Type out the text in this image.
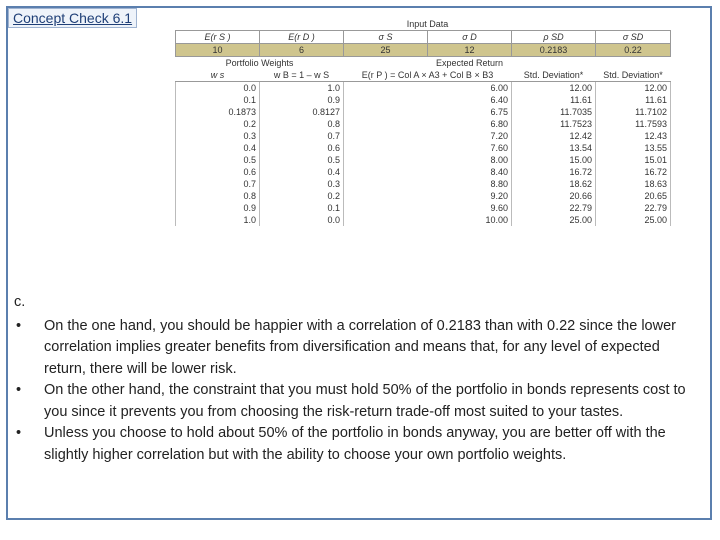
Concept Check 6.1
		Input Data				
E(r S )	E(r D )	σ S	σ D	ρ SD	σ SD
10	6	25	12	0.2183	0.22
Portfolio Weights		Expected Return			
w s	w B = 1 – w S	E(r P ) = Col A × A3 + Col B × B3		Std. Deviation*	Std. Deviation*
0.0	1.0	6.00		12.00	12.00
0.1	0.9	6.40		11.61	11.61
0.1873	0.8127	6.75		11.7035	11.7102
0.2	0.8	6.80		11.7523	11.7593
0.3	0.7	7.20		12.42	12.43
0.4	0.6	7.60		13.54	13.55
0.5	0.5	8.00		15.00	15.01
0.6	0.4	8.40		16.72	16.72
0.7	0.3	8.80		18.62	18.63
0.8	0.2	9.20		20.66	20.65
0.9	0.1	9.60		22.79	22.79
1.0	0.0	10.00		25.00	25.00
c.
• On the one hand, you should be happier with a correlation of 0.2183 than with 0.22 since the lower correlation implies greater benefits from diversification and means that, for any level of expected return, there will be lower risk.
• On the other hand, the constraint that you must hold 50% of the portfolio in bonds represents cost to you since it prevents you from choosing the risk-return trade-off most suited to your tastes.
• Unless you choose to hold about 50% of the portfolio in bonds anyway, you are better off with the slightly higher correlation but with the ability to choose your own portfolio weights.
